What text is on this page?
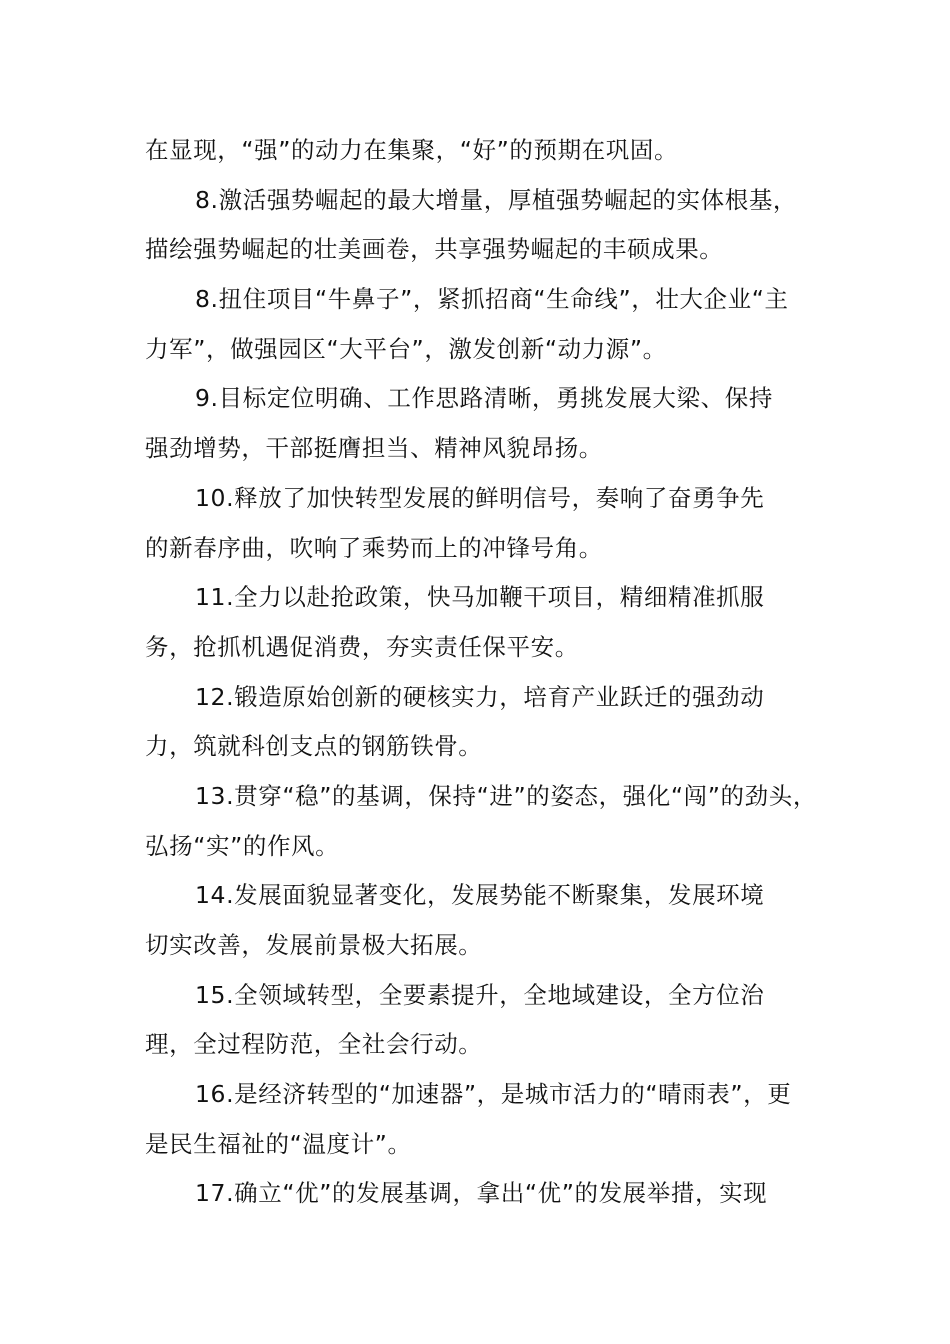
在显现，“强”的动力在集聚，“好”的预期在巩固。
8.激活强势崛起的最大增量，厚植强势崛起的实体根基，
描绘强势崛起的壮美画卷，共享强势崛起的丰硕成果。
8.扭住项目“牛鼻子”，紧抓招商“生命线”，壮大企业“主
力军”，做强园区“大平台”，激发创新“动力源”。
9.目标定位明确、工作思路清晰，勇挑发展大梁、保持
强劲增势，干部挺膺担当、精神风貌昂扬。
10.释放了加快转型发展的鲜明信号，奏响了奋勇争先
的新春序曲，吹响了乘势而上的冲锋号角。
11.全力以赴抢政策，快马加鞭干项目，精细精准抓服
务，抢抓机遇促消费，夯实责任保平安。
12.锻造原始创新的硬核实力，培育产业跃迁的强劲动
力，筑就科创支点的钢筋铁骨。
13.贯穿“稳”的基调，保持“进”的姿态，强化“闯”的劲头，
弘扬“实”的作风。
14.发展面貌显著变化，发展势能不断聚集，发展环境
切实改善，发展前景极大拓展。
15.全领域转型，全要素提升，全地域建设，全方位治
理，全过程防范，全社会行动。
16.是经济转型的“加速器”，是城市活力的“晴雨表”，更
是民生福祉的“温度计”。
17.确立“优”的发展基调，拿出“优”的发展举措，实现
